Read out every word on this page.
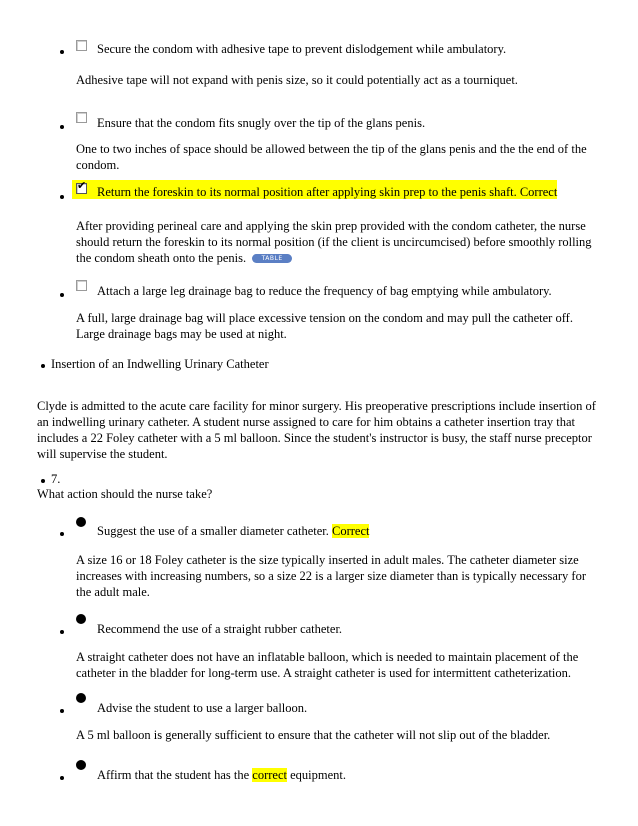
Secure the condom with adhesive tape to prevent dislodgement while ambulatory.
Adhesive tape will not expand with penis size, so it could potentially act as a tourniquet.
Ensure that the condom fits snugly over the tip of the glans penis.
One to two inches of space should be allowed between the tip of the glans penis and the the end of the condom.
✔ Return the foreskin to its normal position after applying skin prep to the penis shaft. Correct
After providing perineal care and applying the skin prep provided with the condom catheter, the nurse should return the foreskin to its normal position (if the client is uncircumcised) before smoothly rolling the condom sheath onto the penis.	TABLE
Attach a large leg drainage bag to reduce the frequency of bag emptying while ambulatory.
A full, large drainage bag will place excessive tension on the condom and may pull the catheter off. Large drainage bags may be used at night.
Insertion of an Indwelling Urinary Catheter
Clyde is admitted to the acute care facility for minor surgery. His preoperative prescriptions include insertion of an indwelling urinary catheter. A student nurse assigned to care for him obtains a catheter insertion tray that includes a 22 Foley catheter with a 5 ml balloon. Since the student's instructor is busy, the staff nurse preceptor will supervise the student.
7.
What action should the nurse take?
Suggest the use of a smaller diameter catheter. Correct
A size 16 or 18 Foley catheter is the size typically inserted in adult males. The catheter diameter size increases with increasing numbers, so a size 22 is a larger size diameter than is typically necessary for the adult male.
Recommend the use of a straight rubber catheter.
A straight catheter does not have an inflatable balloon, which is needed to maintain placement of the catheter in the bladder for long-term use. A straight catheter is used for intermittent catheterization.
Advise the student to use a larger balloon.
A 5 ml balloon is generally sufficient to ensure that the catheter will not slip out of the bladder.
Affirm that the student has the correct equipment.
